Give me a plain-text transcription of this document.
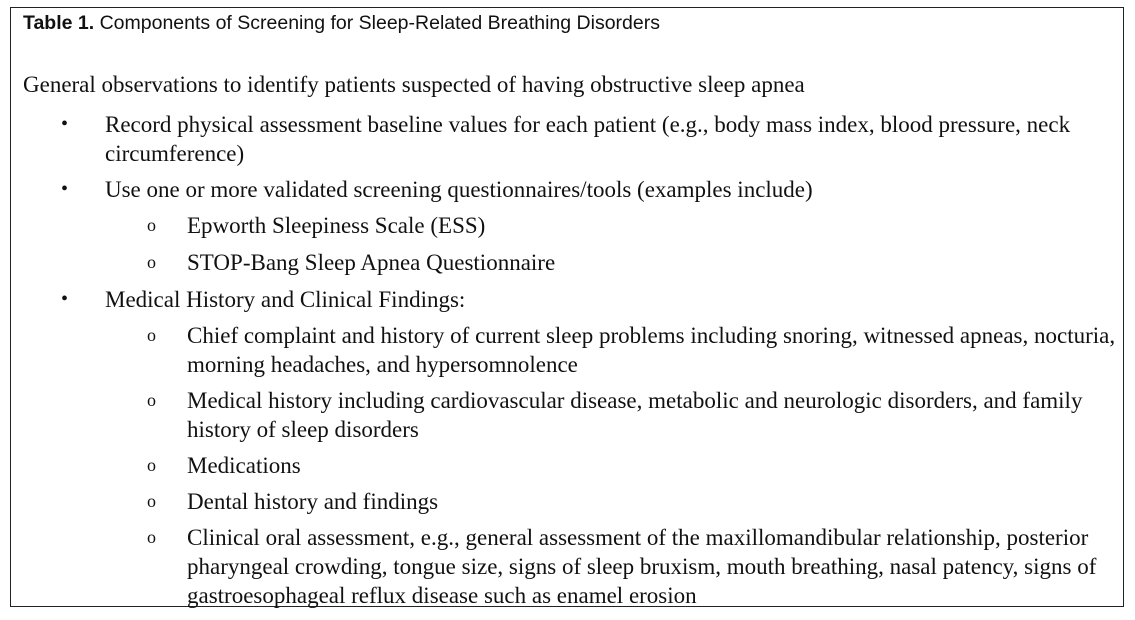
Table 1. Components of Screening for Sleep-Related Breathing Disorders
General observations to identify patients suspected of having obstructive sleep apnea
• Record physical assessment baseline values for each patient (e.g., body mass index, blood pressure, neck circumference)

• Use one or more validated screening questionnaires/tools (examples include)

o Epworth Sleepiness Scale (ESS)

o STOP-Bang Sleep Apnea Questionnaire

• Medical History and Clinical Findings:

o Chief complaint and history of current sleep problems including snoring, witnessed apneas, nocturia, morning headaches, and hypersomnolence

o Medical history including cardiovascular disease, metabolic and neurologic disorders, and family history of sleep disorders

o Medications

o Dental history and findings

o Clinical oral assessment, e.g., general assessment of the maxillomandibular relationship, posterior pharyngeal crowding, tongue size, signs of sleep bruxism, mouth breathing, nasal patency, signs of gastroesophageal reflux disease such as enamel erosion
